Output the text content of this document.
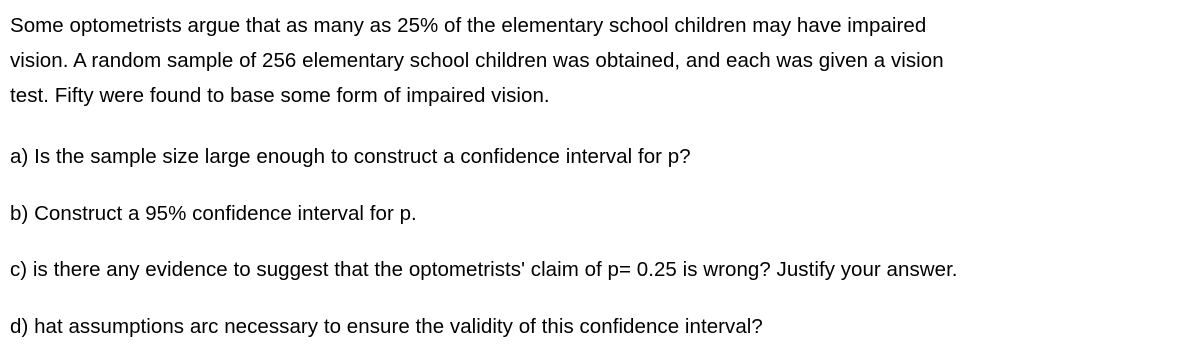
Some optometrists argue that as many as 25% of the elementary school children may have impaired
vision. A random sample of 256 elementary school children was obtained, and each was given a vision
test. Fifty were found to base some form of impaired vision.

a) Is the sample size large enough to construct a confidence interval for p?

b) Construct a 95% confidence interval for p.

c) is there any evidence to suggest that the optometrists' claim of p= 0.25 is wrong? Justify your answer.

d) hat assumptions arc necessary to ensure the validity of this confidence interval?
